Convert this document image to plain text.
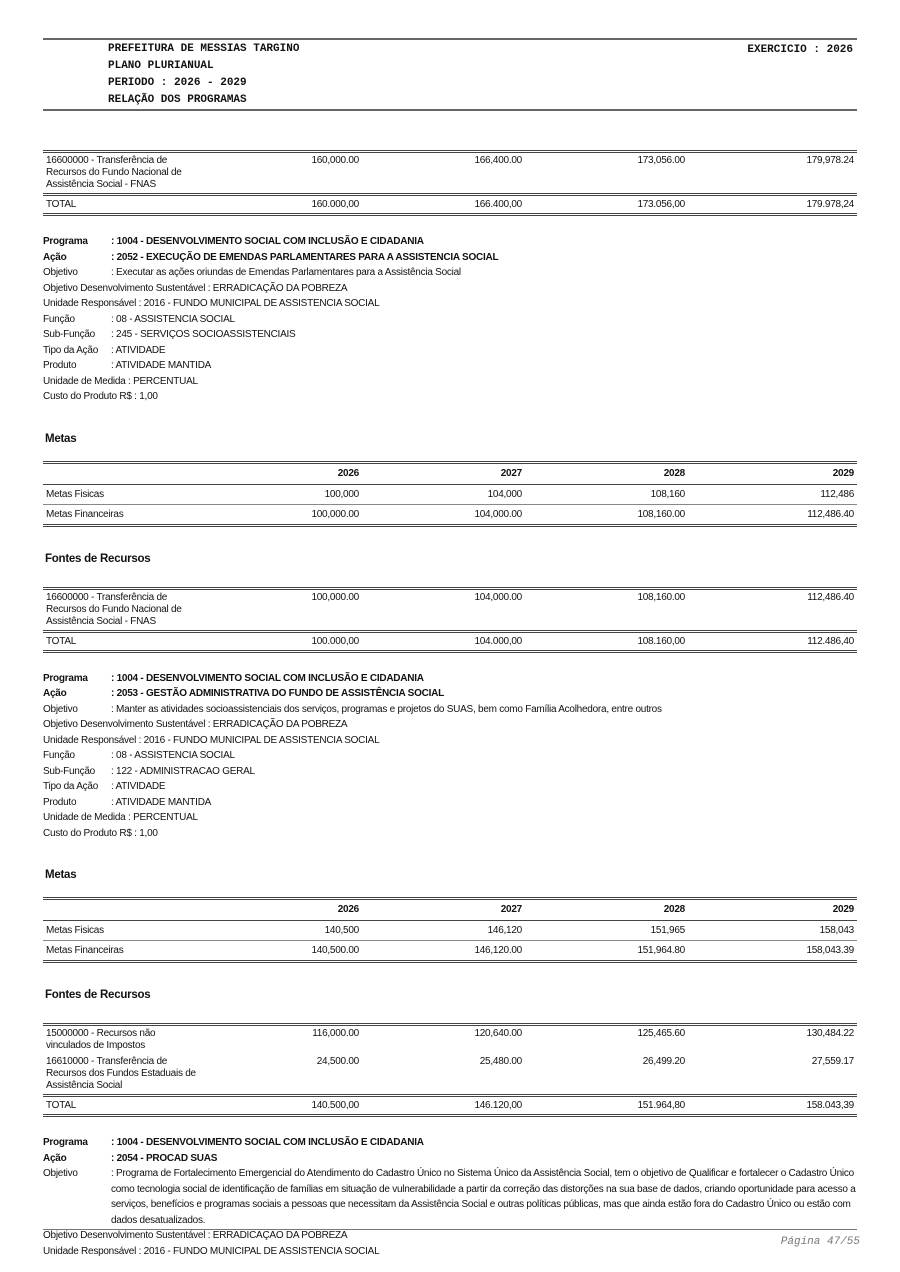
PREFEITURA DE MESSIAS TARGINO
PLANO PLURIANUAL
PERIODO : 2026 - 2029
RELAÇÃO DOS PROGRAMAS
EXERCICIO : 2026
16600000 - Transferência de Recursos do Fundo Nacional de Assistência Social - FNAS	160,000.00	166,400.00	173,056.00	179,978.24
TOTAL	160.000,00	166.400,00	173.056,00	179.978,24
Programa	: 1004 - DESENVOLVIMENTO SOCIAL COM INCLUSÃO E CIDADANIA
Ação	: 2052 - EXECUÇÃO DE EMENDAS PARLAMENTARES PARA A ASSISTENCIA SOCIAL
Objetivo	: Executar as ações oriundas de Emendas Parlamentares para a Assistência Social
Objetivo Desenvolvimento Sustentável : ERRADICAÇÃO DA POBREZA
Unidade Responsável : 2016 - FUNDO MUNICIPAL DE ASSISTENCIA SOCIAL
Função	: 08 - ASSISTENCIA SOCIAL
Sub-Função	: 245 - SERVIÇOS SOCIOASSISTENCIAIS
Tipo da Ação	: ATIVIDADE
Produto	: ATIVIDADE MANTIDA
Unidade de Medida : PERCENTUAL
Custo do Produto R$ : 1,00
Metas
	2026	2027	2028	2029
Metas Fisicas	100,000	104,000	108,160	112,486
Metas Financeiras	100,000.00	104,000.00	108,160.00	112,486.40
Fontes de Recursos
16600000 - Transferência de Recursos do Fundo Nacional de Assistência Social - FNAS	100,000.00	104,000.00	108,160.00	112,486.40
TOTAL	100.000,00	104.000,00	108.160,00	112.486,40
Programa	: 1004 - DESENVOLVIMENTO SOCIAL COM INCLUSÃO E CIDADANIA
Ação	: 2053 - GESTÃO ADMINISTRATIVA DO FUNDO DE ASSISTÊNCIA SOCIAL
Objetivo	: Manter as atividades socioassistenciais dos serviços, programas e projetos do SUAS, bem como Família Acolhedora, entre outros
Objetivo Desenvolvimento Sustentável : ERRADICAÇÃO DA POBREZA
Unidade Responsável : 2016 - FUNDO MUNICIPAL DE ASSISTENCIA SOCIAL
Função	: 08 - ASSISTENCIA SOCIAL
Sub-Função	: 122 - ADMINISTRACAO GERAL
Tipo da Ação	: ATIVIDADE
Produto	: ATIVIDADE MANTIDA
Unidade de Medida : PERCENTUAL
Custo do Produto R$ : 1,00
Metas
	2026	2027	2028	2029
Metas Fisicas	140,500	146,120	151,965	158,043
Metas Financeiras	140,500.00	146,120.00	151,964.80	158,043.39
Fontes de Recursos
15000000 - Recursos não vinculados de Impostos	116,000.00	120,640.00	125,465.60	130,484.22
16610000 - Transferência de Recursos dos Fundos Estaduais de Assistência Social	24,500.00	25,480.00	26,499.20	27,559.17
TOTAL	140.500,00	146.120,00	151.964,80	158.043,39
Programa	: 1004 - DESENVOLVIMENTO SOCIAL COM INCLUSÃO E CIDADANIA
Ação	: 2054 - PROCAD SUAS
Objetivo	: Programa de Fortalecimento Emergencial do Atendimento do Cadastro Único no Sistema Único da Assistência Social, tem o objetivo de Qualificar e fortalecer o Cadastro Único como tecnologia social de identificação de famílias em situação de vulnerabilidade a partir da correção das distorções na sua base de dados, criando oportunidade para acesso a serviços, benefícios e programas sociais a pessoas que necessitam da Assistência Social e outras políticas públicas, mas que ainda estão fora do Cadastro Único ou estão com dados desatualizados.
Objetivo Desenvolvimento Sustentável : ERRADICAÇÃO DA POBREZA
Unidade Responsável : 2016 - FUNDO MUNICIPAL DE ASSISTENCIA SOCIAL
Página 47/55
